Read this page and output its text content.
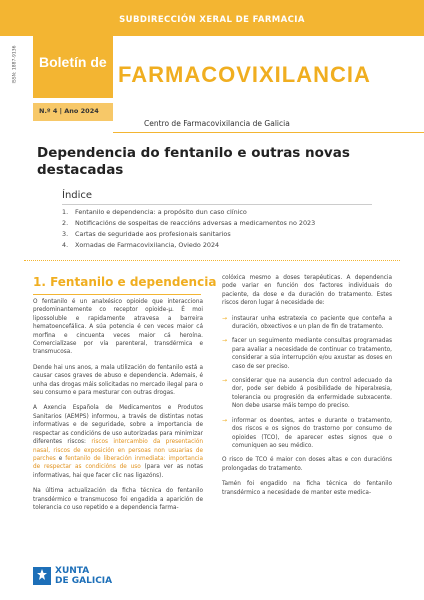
SUBDIRECCIÓN XERAL DE FARMACIA
ISSN: 1887-9136 Boletín de FARMACOVIXILANCIA
N.º 4 | Ano 2024
Centro de Farmacovixilancia de Galicia
Dependencia do fentanilo e outras novas destacadas
Índice
1. Fentanilo e dependencia: a propósito dun caso clínico
2. Notificacións de sospeitas de reaccións adversas a medicamentos no 2023
3. Cartas de seguridade aos profesionais sanitarios
4. Xornadas de Farmacovixilancia, Oviedo 2024
1. Fentanilo e dependencia

O fentanilo é un analxésico opioide que interacciona predominantemente co receptor opioide-μ. É moi lipossoluble e rapidamente atravesa a barreira hematoencefálica. A súa potencia é cen veces maior cá morfina e cincuenta veces maior cá heroína. Comercialízase por vía parenteral, transdérmica e transmucosa.

Dende hai uns anos, a mala utilización do fentanilo está a causar casos graves de abuso e dependencia. Ademais, é unha das drogas máis solicitadas no mercado ilegal para o seu consumo e para mesturar con outras drogas.

A Axencia Española de Medicamentos e Produtos Sanitarios (AEMPS) informou, a través de distintas notas informativas e de seguridade, sobre a importancia de respectar as condicións de uso autorizadas para minimizar diferentes riscos: riscos intercambio da presentación nasal, riscos de exposición en persoas non usuarias de parches e fentanilo de liberación inmediata: importancia de respectar as condicións de uso (para ver as notas informativas, hai que facer clic nas ligazóns).

Na última actualización da ficha técnica do fentanilo transdérmico e transmucoso foi engadida a aparición de tolerancia co uso repetido e a dependencia farma-

colóxica mesmo a doses terapéuticas. A dependencia pode variar en función dos factores individuais do paciente, da dose e da duración do tratamento. Estes riscos deron lugar á necesidade de:

→ instaurar unha estratexia co paciente que conteña a duración, obxectivos e un plan de fin de tratamento.
→ facer un seguimento mediante consultas programadas para avaliar a necesidade de continuar co tratamento, considerar a súa interrupción e/ou axustar as doses en caso de ser preciso.
→ considerar que na ausencia dun control adecuado da dor, pode ser debido á posibilidade de hiperalxesia, tolerancia ou progresión da enfermidade subxacente. Non debe usarse máis tempo do preciso.
→ informar os doentes, antes e durante o tratamento, dos riscos e os signos do trastorno por consumo de opioides (TCO), de aparecer estes signos que o comuniquen ao seu médico.

O risco de TCO é maior con doses altas e con duracións prolongadas do tratamento.

Tamén foi engadido na ficha técnica do fentanilo transdérmico a necesidade de manter este medica-

XUNTA
DE GALICIA
